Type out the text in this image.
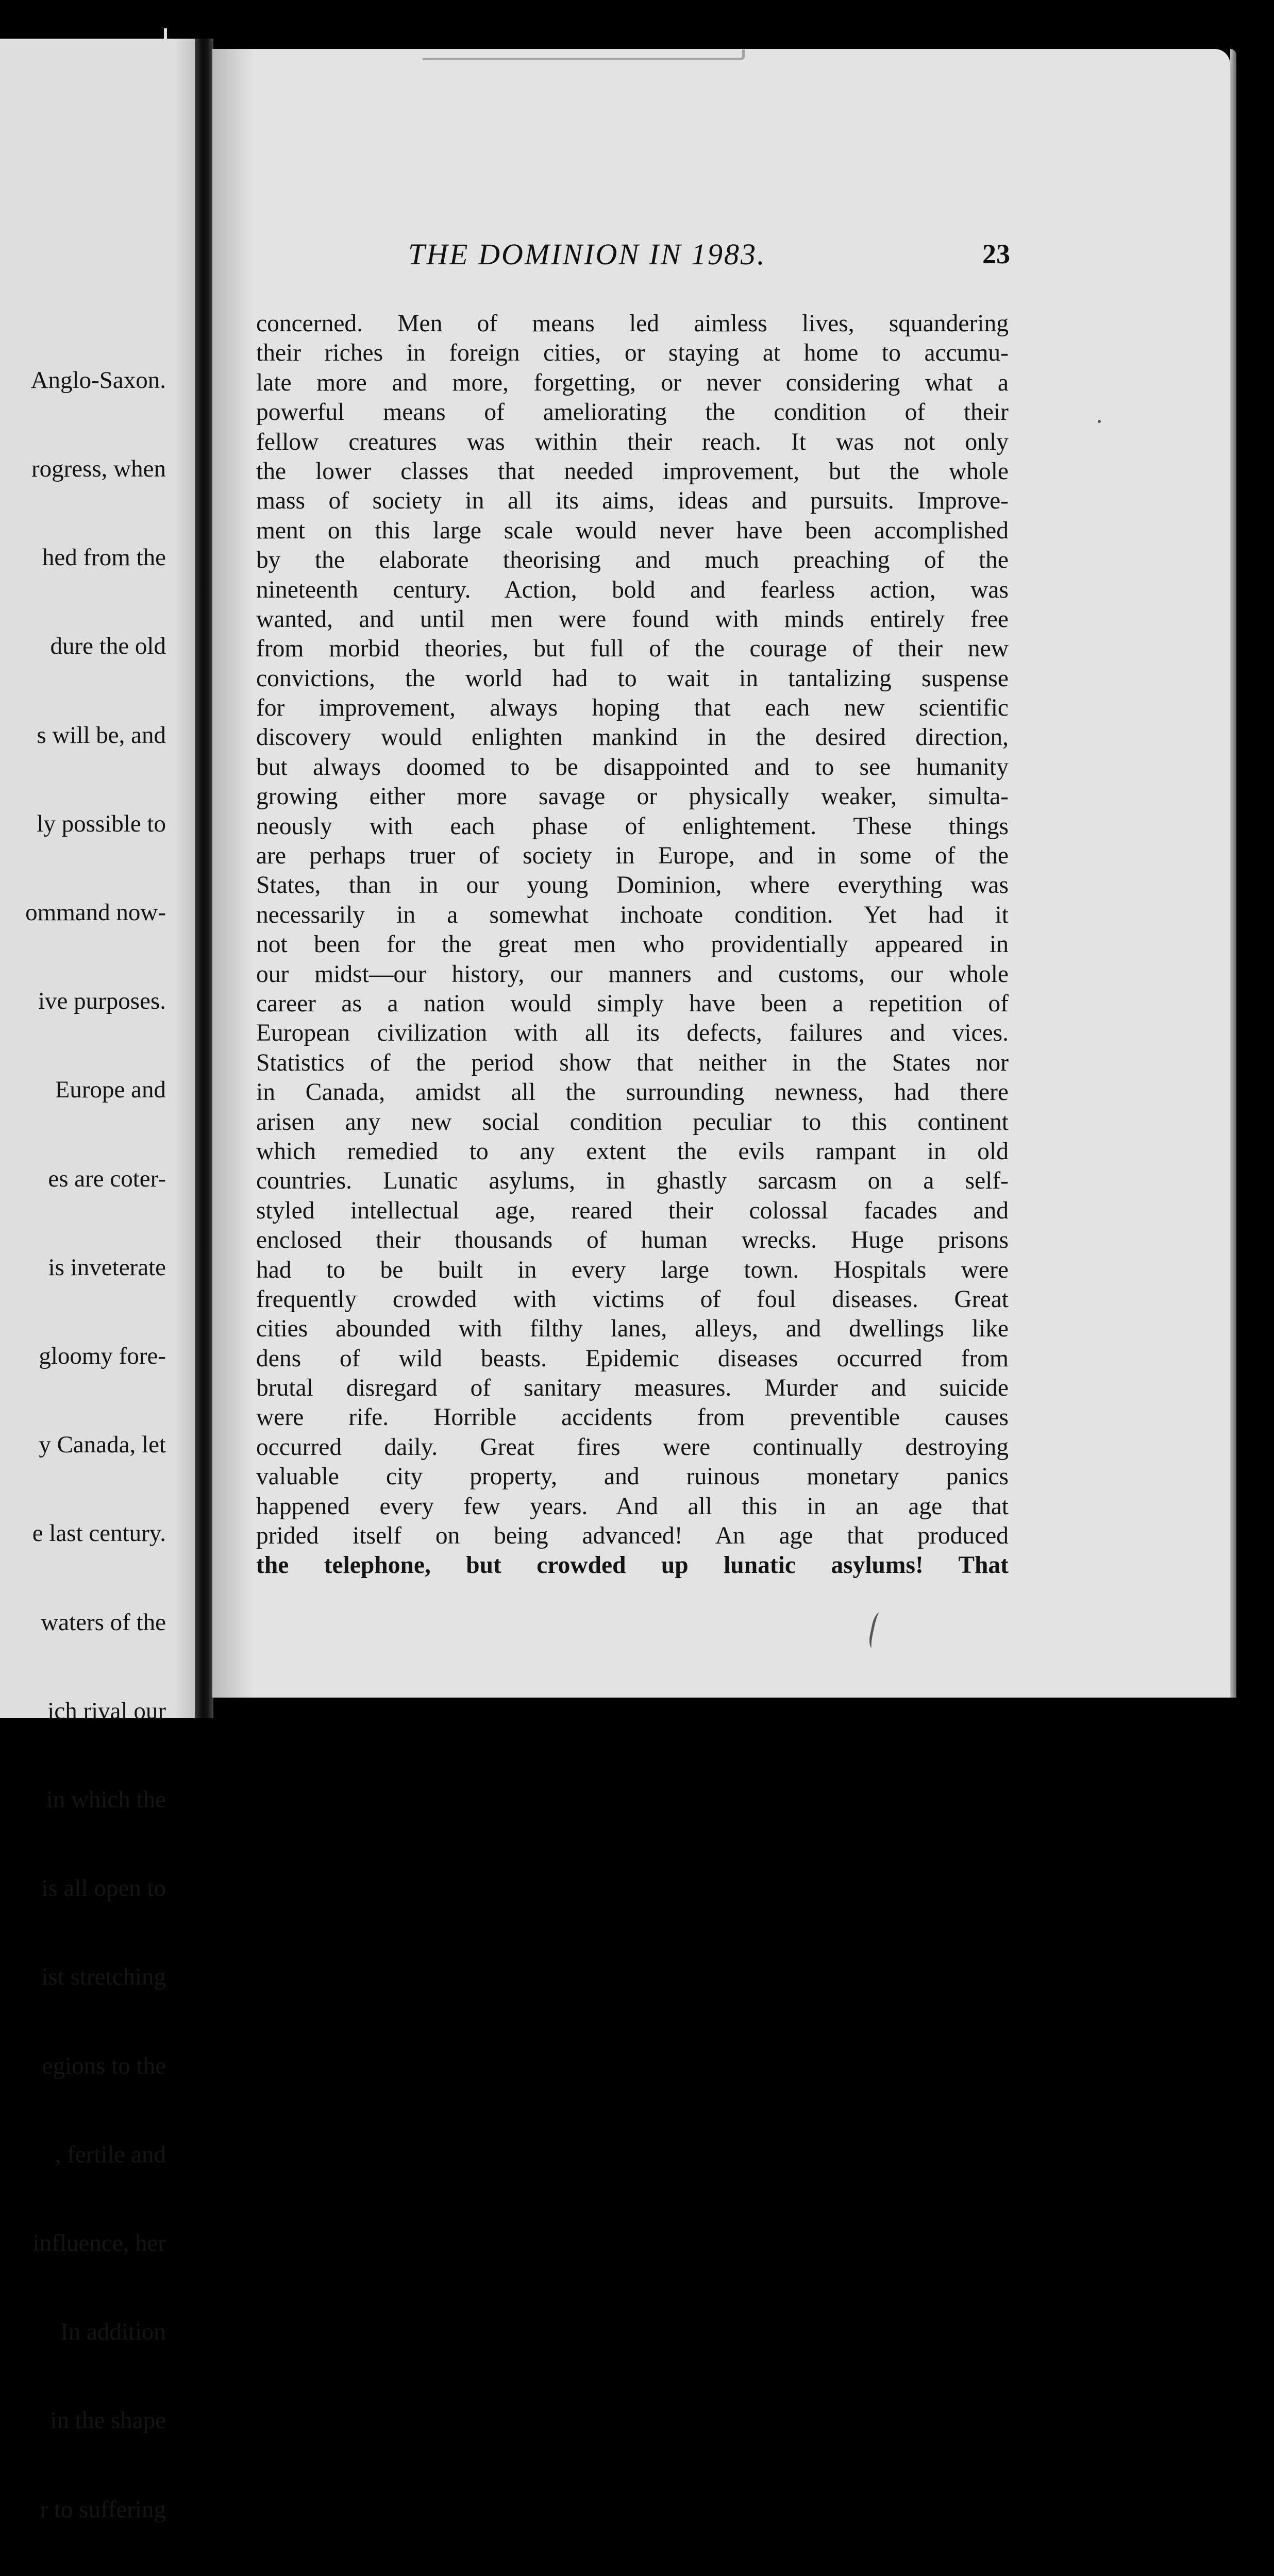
Anglo-Saxon.

rogress, when

hed from the

dure the old

s will be, and

ly possible to

ommand now-

ive purposes.

Europe and

es are coter-

is inveterate

gloomy fore-

y Canada, let

e last century.

waters of the

ich rival our

in which the

is all open to

ist stretching

egions to the

, fertile and

influence, her

In addition

in the shape

r to suffering

THE DOMINION IN 1983.	23
concerned. Men of means led aimless lives, squandering
their riches in foreign cities, or staying at home to accumu-
late more and more, forgetting, or never considering what a
powerful means of ameliorating the condition of their
fellow creatures was within their reach. It was not only
the lower classes that needed improvement, but the whole
mass of society in all its aims, ideas and pursuits. Improve-
ment on this large scale would never have been accomplished
by the elaborate theorising and much preaching of the
nineteenth century. Action, bold and fearless action, was
wanted, and until men were found with minds entirely free
from morbid theories, but full of the courage of their new
convictions, the world had to wait in tantalizing suspense
for improvement, always hoping that each new scientific
discovery would enlighten mankind in the desired direction,
but always doomed to be disappointed and to see humanity
growing either more savage or physically weaker, simulta-
neously with each phase of enlightement. These things
are perhaps truer of society in Europe, and in some of the
States, than in our young Dominion, where everything was
necessarily in a somewhat inchoate condition. Yet had it
not been for the great men who providentially appeared in
our midst—our history, our manners and customs, our whole
career as a nation would simply have been a repetition of
European civilization with all its defects, failures and vices.
Statistics of the period show that neither in the States nor
in Canada, amidst all the surrounding newness, had there
arisen any new social condition peculiar to this continent
which remedied to any extent the evils rampant in old
countries. Lunatic asylums, in ghastly sarcasm on a self-
styled intellectual age, reared their colossal facades and
enclosed their thousands of human wrecks. Huge prisons
had to be built in every large town. Hospitals were
frequently crowded with victims of foul diseases. Great
cities abounded with filthy lanes, alleys, and dwellings like
dens of wild beasts. Epidemic diseases occurred from
brutal disregard of sanitary measures. Murder and suicide
were rife. Horrible accidents from preventible causes
occurred daily. Great fires were continually destroying
valuable city property, and ruinous monetary panics
happened every few years. And all this in an age that
prided itself on being advanced! An age that produced
the telephone, but crowded up lunatic asylums! That
